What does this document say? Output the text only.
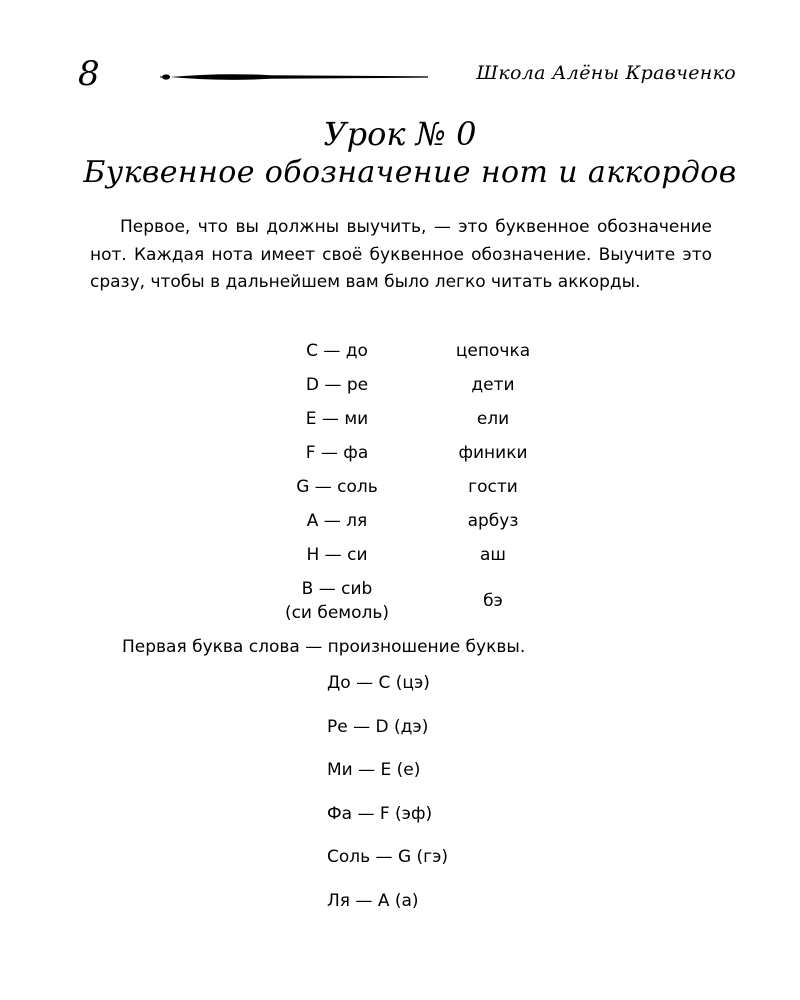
8	Школа Алёны Кравченко
Урок № 0
Буквенное обозначение нот и аккордов

Первое, что вы должны выучить, — это буквенное обозначение нот. Каждая нота имеет своё буквенное обозначение. Выучите это сразу, чтобы в дальнейшем вам было легко читать аккорды.

C — до
D — ре
E — ми
F — фа
G — соль
A — ля
H — си
B — сиb
(си бемоль)
цепочка
дети
ели
финики
гости
арбуз
аш
бэ
Первая буква слова — произношение буквы.
До — C (цэ)
Ре — D (дэ)
Ми — E (е)
Фа — F (эф)
Соль — G (гэ)
Ля — A (а)
